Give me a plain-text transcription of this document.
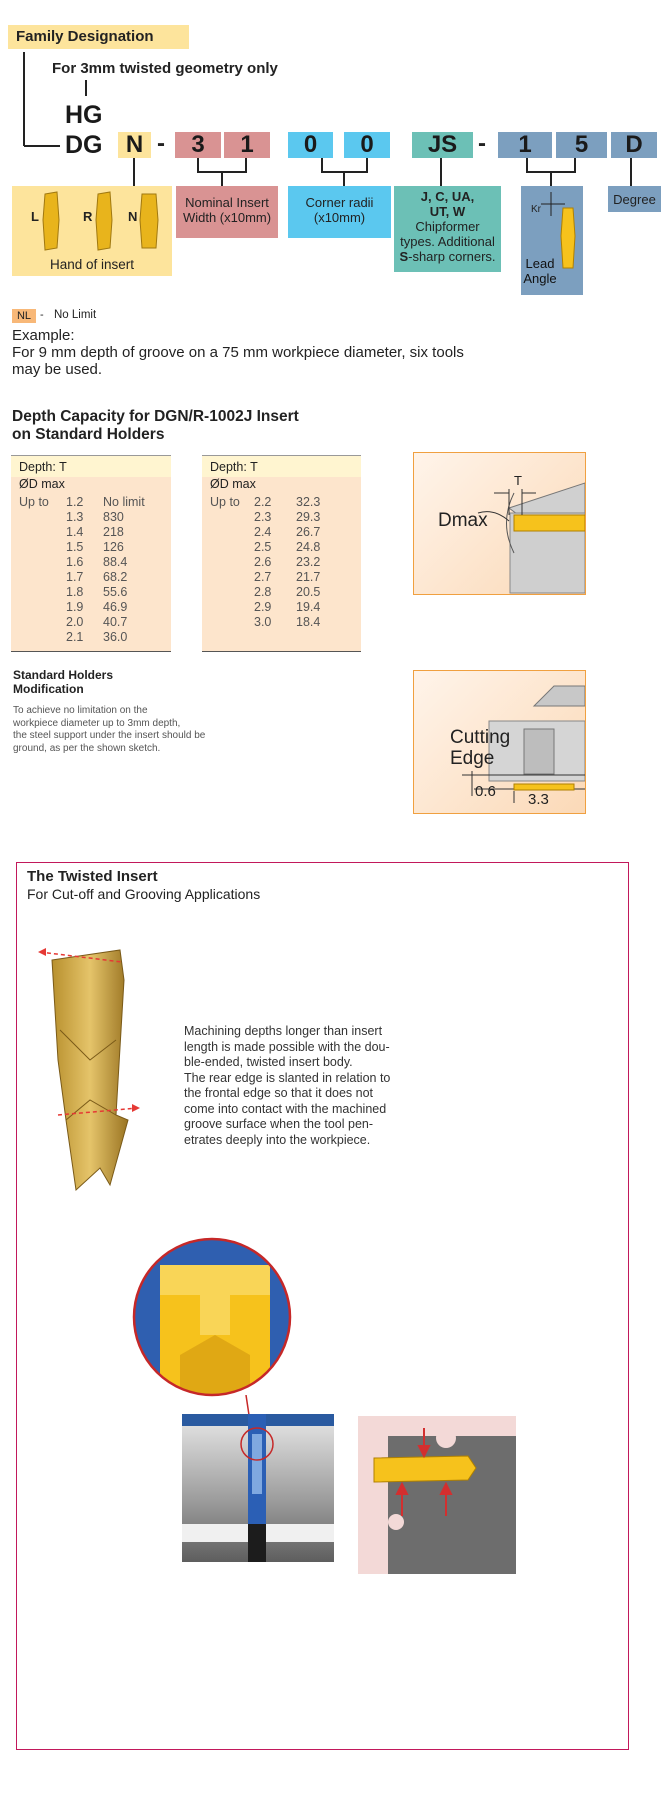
Family Designation
For 3mm twisted geometry only
HG
DG N -	3	1	0	0	JS -	1	5	D
L	R	N
Hand of insert
Nominal Insert
Width (x10mm)
Corner radii
(x10mm)
J, C, UA,
UT, W
Chipformer
types. Additional
S-sharp corners.
Kr
Lead
Angle
Degree
NL - No Limit
Example:
For 9 mm depth of groove on a 75 mm workpiece diameter, six tools
may be used.
Depth Capacity for DGN/R-1002J Insert
on Standard Holders
Depth: T
ØD max
Up to 1.2 No limit
1.3 830
1.4 218
1.5 126
1.6 88.4
1.7 68.2
1.8 55.6
1.9 46.9
2.0 40.7
2.1 36.0
Depth: T
ØD max
Up to 2.2 32.3
2.3 29.3
2.4 26.7
2.5 24.8
2.6 23.2
2.7 21.7
2.8 20.5
2.9 19.4
3.0 18.4
Dmax
T
Standard Holders
Modification
To achieve no limitation on the
workpiece diameter up to 3mm depth,
the steel support under the insert should be
ground, as per the shown sketch.	Cutting
Edge
0.6 3.3
The Twisted Insert
For Cut-off and Grooving Applications
Machining depths longer than insert
length is made possible with the dou-
ble-ended, twisted insert body.
The rear edge is slanted in relation to
the frontal edge so that it does not
come into contact with the machined
groove surface when the tool pen-
etrates deeply into the workpiece.
